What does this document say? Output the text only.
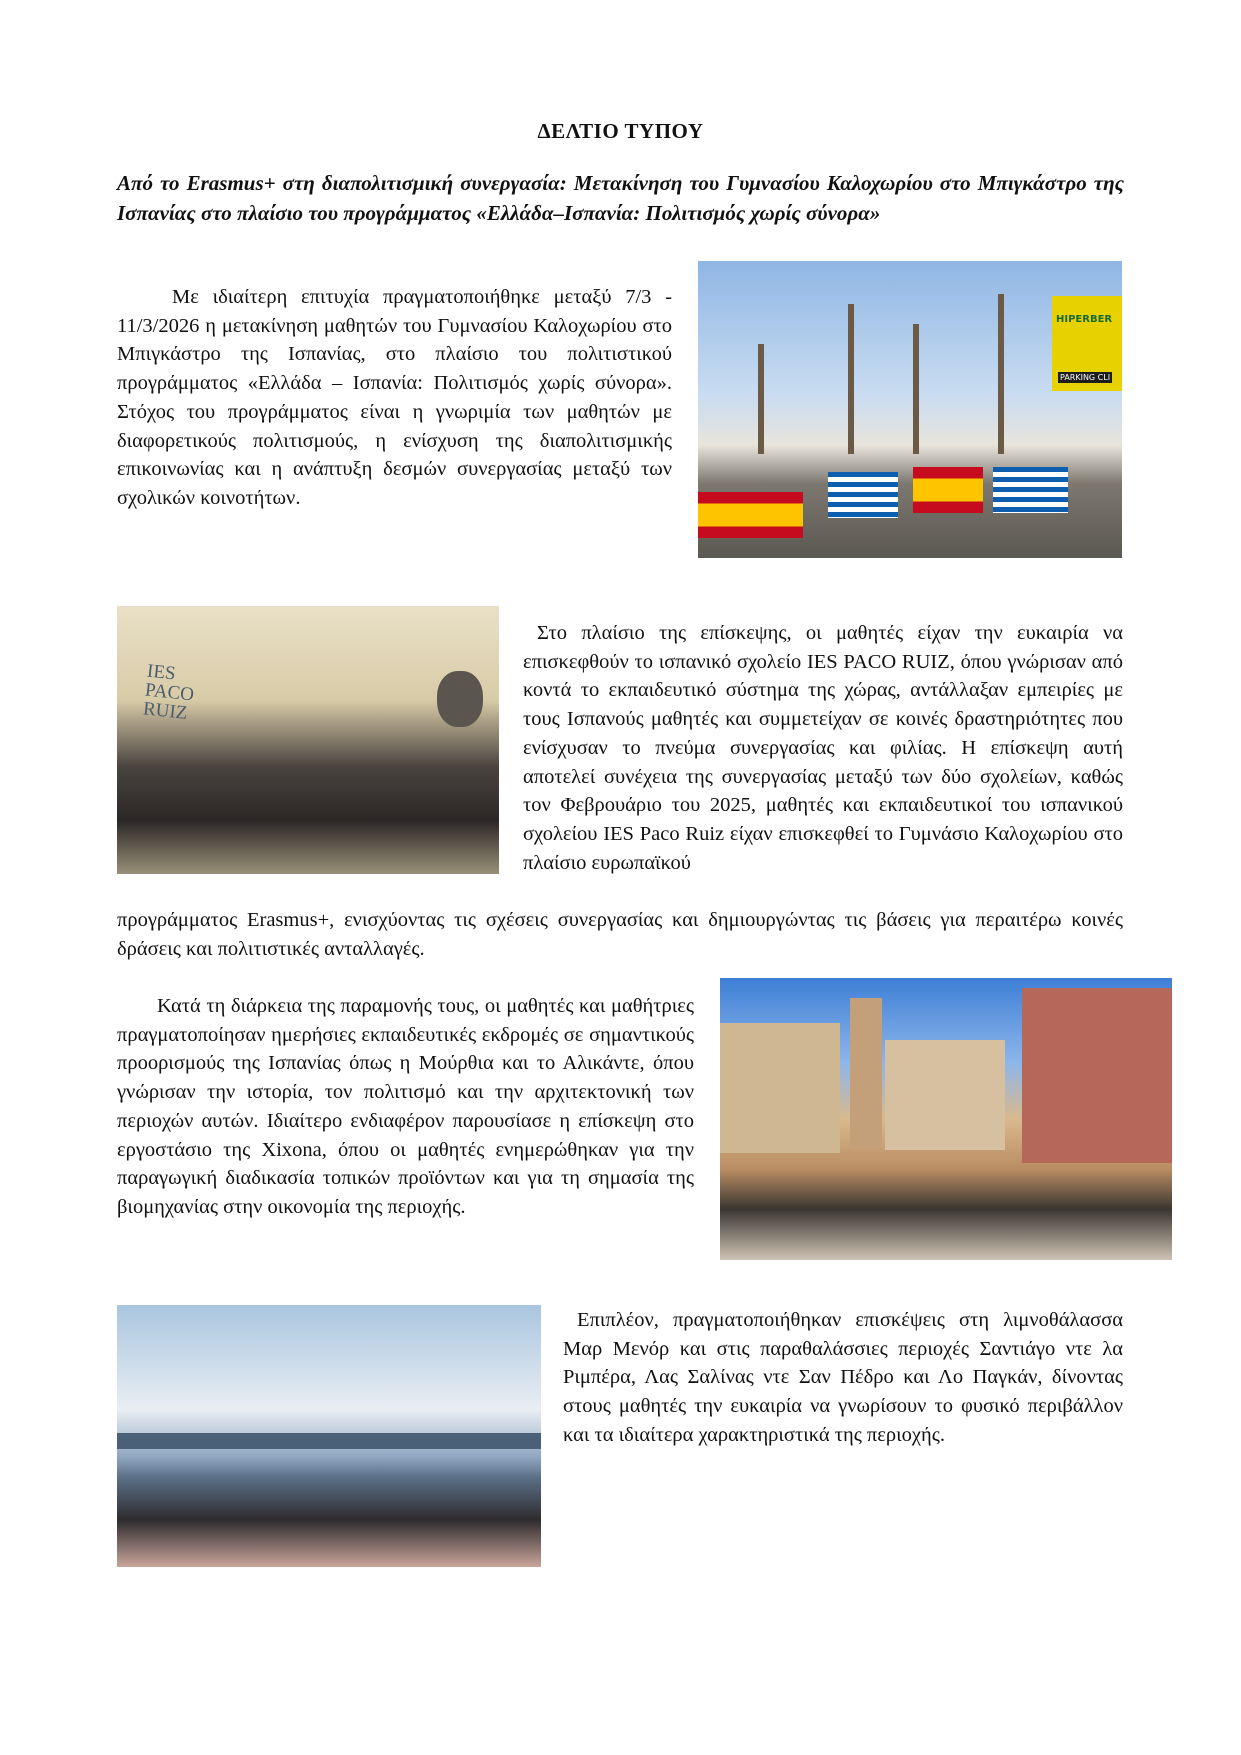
ΔΕΛΤΙΟ ΤΥΠΟΥ
Από το Erasmus+ στη διαπολιτισμική συνεργασία: Μετακίνηση του Γυμνασίου Καλοχωρίου στο Μπιγκάστρο της Ισπανίας στο πλαίσιο του προγράμματος «Ελλάδα–Ισπανία: Πολιτισμός χωρίς σύνορα»
Με ιδιαίτερη επιτυχία πραγματοποιήθηκε μεταξύ 7/3 - 11/3/2026 η μετακίνηση μαθητών του Γυμνασίου Καλοχωρίου στο Μπιγκάστρο της Ισπανίας, στο πλαίσιο του πολιτιστικού προγράμματος «Ελλάδα – Ισπανία: Πολιτισμός χωρίς σύνορα». Στόχος του προγράμματος είναι η γνωριμία των μαθητών με διαφορετικούς πολιτισμούς, η ενίσχυση της διαπολιτισμικής επικοινωνίας και η ανάπτυξη δεσμών συνεργασίας μεταξύ των σχολικών κοινοτήτων.
HIPERBER
PARKING CLI
IES
PACO
RUIZ
Στο πλαίσιο της επίσκεψης, οι μαθητές είχαν την ευκαιρία να επισκεφθούν το ισπανικό σχολείο IES PACO RUIZ, όπου γνώρισαν από κοντά το εκπαιδευτικό σύστημα της χώρας, αντάλλαξαν εμπειρίες με τους Ισπανούς μαθητές και συμμετείχαν σε κοινές δραστηριότητες που ενίσχυσαν το πνεύμα συνεργασίας και φιλίας. Η επίσκεψη αυτή αποτελεί συνέχεια της συνεργασίας μεταξύ των δύο σχολείων, καθώς τον Φεβρουάριο του 2025, μαθητές και εκπαιδευτικοί του ισπανικού σχολείου IES Paco Ruiz είχαν επισκεφθεί το Γυμνάσιο Καλοχωρίου στο πλαίσιο ευρωπαϊκού
προγράμματος Erasmus+, ενισχύοντας τις σχέσεις συνεργασίας και δημιουργώντας τις βάσεις για περαιτέρω κοινές δράσεις και πολιτιστικές ανταλλαγές.
Κατά τη διάρκεια της παραμονής τους, οι μαθητές και μαθήτριες πραγματοποίησαν ημερήσιες εκπαιδευτικές εκδρομές σε σημαντικούς προορισμούς της Ισπανίας όπως η Μούρθια και το Αλικάντε, όπου γνώρισαν την ιστορία, τον πολιτισμό και την αρχιτεκτονική των περιοχών αυτών. Ιδιαίτερο ενδιαφέρον παρουσίασε η επίσκεψη στο εργοστάσιο της Xixona, όπου οι μαθητές ενημερώθηκαν για την παραγωγική διαδικασία τοπικών προϊόντων και για τη σημασία της βιομηχανίας στην οικονομία της περιοχής.
Επιπλέον, πραγματοποιήθηκαν επισκέψεις στη λιμνοθάλασσα Μαρ Μενόρ και στις παραθαλάσσιες περιοχές Σαντιάγο ντε λα Ριμπέρα, Λας Σαλίνας ντε Σαν Πέδρο και Λο Παγκάν, δίνοντας στους μαθητές την ευκαιρία να γνωρίσουν το φυσικό περιβάλλον και τα ιδιαίτερα χαρακτηριστικά της περιοχής.
